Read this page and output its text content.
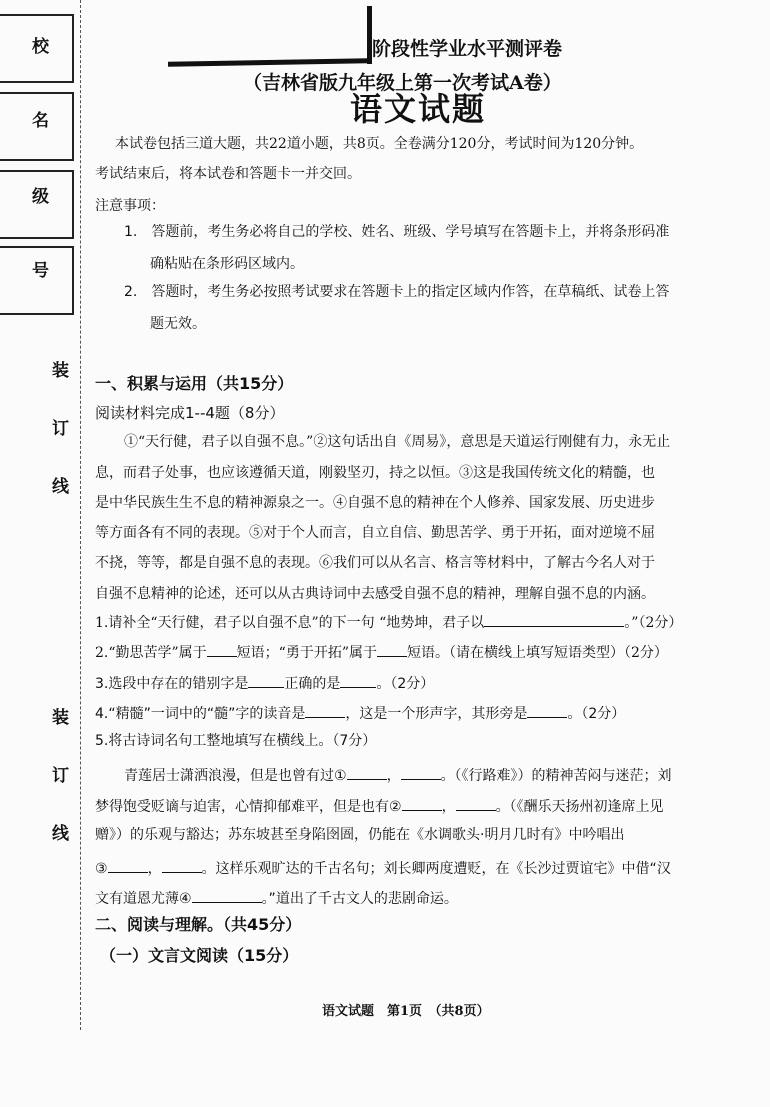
校
名
级
号
装
订
线
装
订
线
阶段性学业水平测评卷
（吉林省版九年级上第一次考试A卷）
语文试题
本试卷包括三道大题，共22道小题，共8页。全卷满分120分，考试时间为120分钟。
考试结束后，将本试卷和答题卡一并交回。
注意事项：
1.　答题前，考生务必将自己的学校、姓名、班级、学号填写在答题卡上，并将条形码准
确粘贴在条形码区域内。
2.　答题时，考生务必按照考试要求在答题卡上的指定区域内作答，在草稿纸、试卷上答
题无效。
一、积累与运用（共15分）
阅读材料完成1--4题（8分）
①“天行健，君子以自强不息。”②这句话出自《周易》，意思是天道运行刚健有力，永无止
息，而君子处事，也应该遵循天道，刚毅坚刃，持之以恒。③这是我国传统文化的精髓，也
是中华民族生生不息的精神源泉之一。④自强不息的精神在个人修养、国家发展、历史进步
等方面各有不同的表现。⑤对于个人而言，自立自信、勤思苦学、勇于开拓，面对逆境不屈
不挠，等等，都是自强不息的表现。⑥我们可以从名言、格言等材料中，了解古今名人对于
自强不息精神的论述，还可以从古典诗词中去感受自强不息的精神，理解自强不息的内涵。
1.请补全“天行健，君子以自强不息”的下一句 “地势坤，君子以	。”（2分）
2.“勤思苦学”属于 短语；“勇于开拓”属于 短语。（请在横线上填写短语类型）（2分）
3.选段中存在的错别字是	正确的是	。（2分）
4.“精髓”一词中的“髓”字的读音是	，这是一个形声字，其形旁是	。（2分）
5.将古诗词名句工整地填写在横线上。（7分）
青莲居士潇洒浪漫，但是也曾有过①	，	。（《行路难》）的精神苦闷与迷茫；刘
梦得饱受贬谪与迫害，心情抑郁难平，但是也有②	，	。（《酬乐天扬州初逢席上见
赠》）的乐观与豁达；苏东坡甚至身陷囹圄，仍能在《水调歌头·明月几时有》中吟唱出
③	，	。这样乐观旷达的千古名句；刘长卿两度遭贬，在《长沙过贾谊宅》中借“汉
文有道恩尤薄④	。”道出了千古文人的悲剧命运。
二、阅读与理解。（共45分）
（一）文言文阅读（15分）
语文试题　第1页　（共8页）
